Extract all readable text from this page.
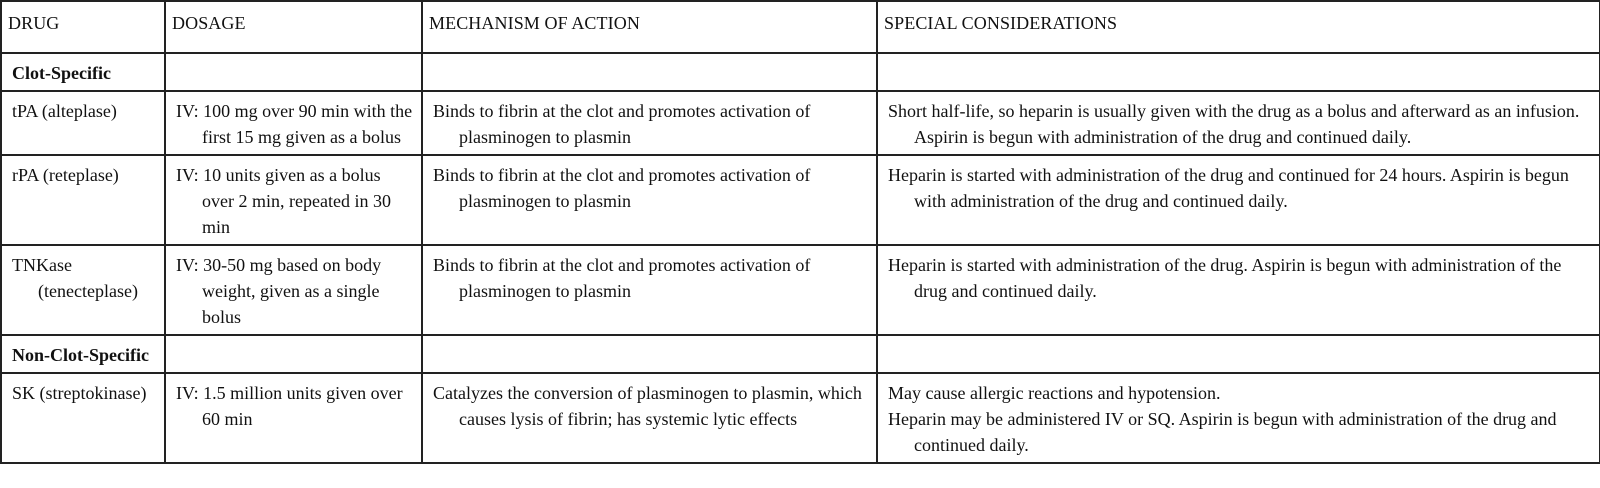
DRUG	DOSAGE	MECHANISM OF ACTION	SPECIAL CONSIDERATIONS

Clot-Specific			

tPA (alteplase)	IV: 100 mg over 90 min with the first 15 mg given as a bolus	Binds to fibrin at the clot and promotes activation of plasminogen to plasmin	Short half-life, so heparin is usually given with the drug as a bolus and afterward as an infusion. Aspirin is begun with administration of the drug and continued daily.

rPA (reteplase)	IV: 10 units given as a bolus over 2 min, repeated in 30 min	Binds to fibrin at the clot and promotes activation of plasminogen to plasmin	Heparin is started with administration of the drug and continued for 24 hours. Aspirin is begun with administration of the drug and continued daily.

TNKase (tenecteplase)	IV: 30-50 mg based on body weight, given as a single bolus	Binds to fibrin at the clot and promotes activation of plasminogen to plasmin	Heparin is started with administration of the drug. Aspirin is begun with administration of the drug and continued daily.

Non-Clot-Specific			

SK (streptokinase)	IV: 1.5 million units given over 60 min	Catalyzes the conversion of plasminogen to plasmin, which causes lysis of fibrin; has systemic lytic effects	May cause allergic reactions and hypotension.
Heparin may be administered IV or SQ. Aspirin is begun with administration of the drug and continued daily.
